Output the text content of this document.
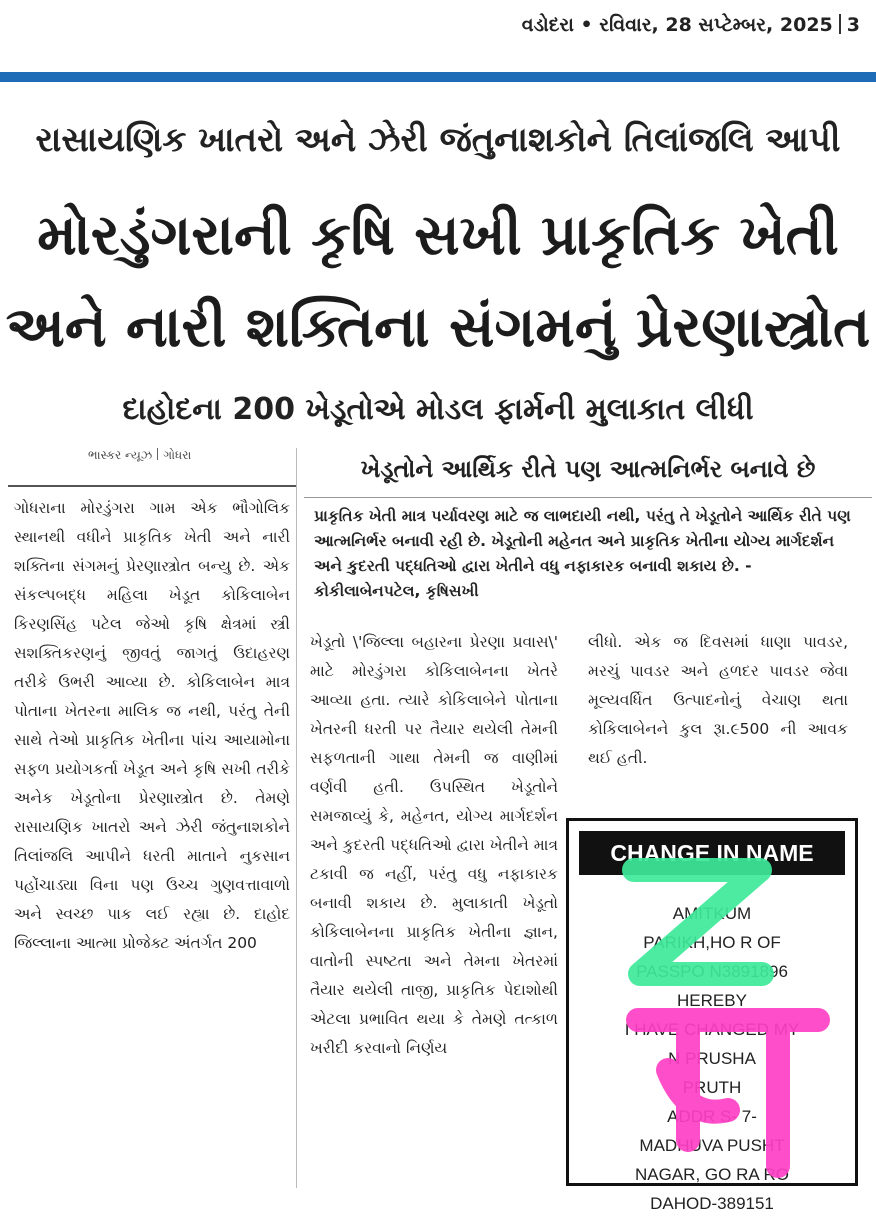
વડોદરા • રવિવાર, 28 સપ્ટેમ્બર, 2025 3
રાસાયણિક ખાતરો અને ઝેરી જંતુનાશકોને તિલાંજલિ આપી
મોરડુંગરાની કૃષિ સખી પ્રાકૃતિક ખેતી
અને નારી શક્તિના સંગમનું પ્રેરણાસ્ત્રોત
દાહોદના 200 ખેડૂતોએ મોડલ ફાર્મની મુલાકાત લીધી
ભાસ્કર ન્યૂઝ ગોધરા	ખેડૂતોને આર્થિક રીતે પણ આત્મનિર્ભર બનાવે છે
પ્રાકૃતિક ખેતી માત્ર પર્યાવરણ માટે જ લાભદાયી નથી, પરંતુ તે ખેડૂતોને આર્થિક રીતે પણ આત્મનિર્ભર બનાવી રહી છે. ખેડૂતોની મહેનત અને પ્રાકૃતિક ખેતીના યોગ્ય માર્ગદર્શન અને કુદરતી પદ્ધતિઓ દ્વારા ખેતીને વધુ નફાકારક બનાવી શકાય છે. - કોકીલાબેનપટેલ, કૃષિસખી
ગોધરાના મોરડુંગરા ગામ એક ભૌગોલિક સ્થાનથી વધીને પ્રાકૃતિક ખેતી અને નારી શક્તિના સંગમનું પ્રેરણાસ્ત્રોત બન્યુ છે. એક સંકલ્પબદ્ધ મહિલા ખેડૂત કોકિલાબેન કિરણસિંહ પટેલ જેઓ કૃષિ ક્ષેત્રમાં સ્ત્રી સશક્તિકરણનું જીવતું જાગતું ઉદાહરણ તરીકે ઉભરી આવ્યા છે. કોકિલાબેન માત્ર પોતાના ખેતરના માલિક જ નથી, પરંતુ તેની સાથે તેઓ પ્રાકૃતિક ખેતીના પાંચ આયામોના સફળ પ્રયોગકર્તા ખેડૂત અને કૃષિ સખી તરીકે અનેક ખેડૂતોના પ્રેરણાસ્ત્રોત છે. તેમણે રાસાયણિક ખાતરો અને ઝેરી જંતુનાશકોને તિલાંજલિ આપીને ધરતી માતાને નુકસાન પહોંચાડ્યા વિના પણ ઉચ્ચ ગુણવત્તાવાળો અને સ્વચ્છ પાક લઈ રહ્યા છે. દાહોદ જિલ્લાના આત્મા પ્રોજેક્ટ અંતર્ગત 200
ખેડૂતો \'જિલ્લા બહારના પ્રેરણા પ્રવાસ\' માટે મોરડુંગરા કોકિલાબેનના ખેતરે આવ્યા હતા. ત્યારે કોકિલાબેને પોતાના ખેતરની ધરતી પર તૈયાર થયેલી તેમની સફળતાની ગાથા તેમની જ વાણીમાં વર્ણવી હતી. ઉપસ્થિત ખેડૂતોને સમજાવ્યું કે, મહેનત, યોગ્ય માર્ગદર્શન અને કુદરતી પદ્ધતિઓ દ્વારા ખેતીને માત્ર ટકાવી જ નહીં, પરંતુ વધુ નફાકારક બનાવી શકાય છે. મુલાકાતી ખેડૂતો કોકિલાબેનના પ્રાકૃતિક ખેતીના જ્ઞાન, વાતોની સ્પષ્ટતા અને તેમના ખેતરમાં તૈયાર થયેલી તાજી, પ્રાકૃતિક પેદાશોથી એટલા પ્રભાવિત થયા કે તેમણે તત્કાળ ખરીદી કરવાનો નિર્ણય
લીધો. એક જ દિવસમાં ધાણા પાવડર, મરચું પાવડર અને હળદર પાવડર જેવા મૂલ્યવર્ધિત ઉત્પાદનોનું વેચાણ થતા કોકિલાબેનને કુલ રૂા.૯500 ની આવક થઈ હતી.
CHANGE IN NAME
AMITKUM
PARIKH,HO R OF
PASSPO N3891896
HEREBY
I HAVE CHANGED MY
N PRUSHA
PRUTH
ADDR S- 7-
MADHUVA PUSHT
NAGAR, GO RA RO
DAHOD-389151
